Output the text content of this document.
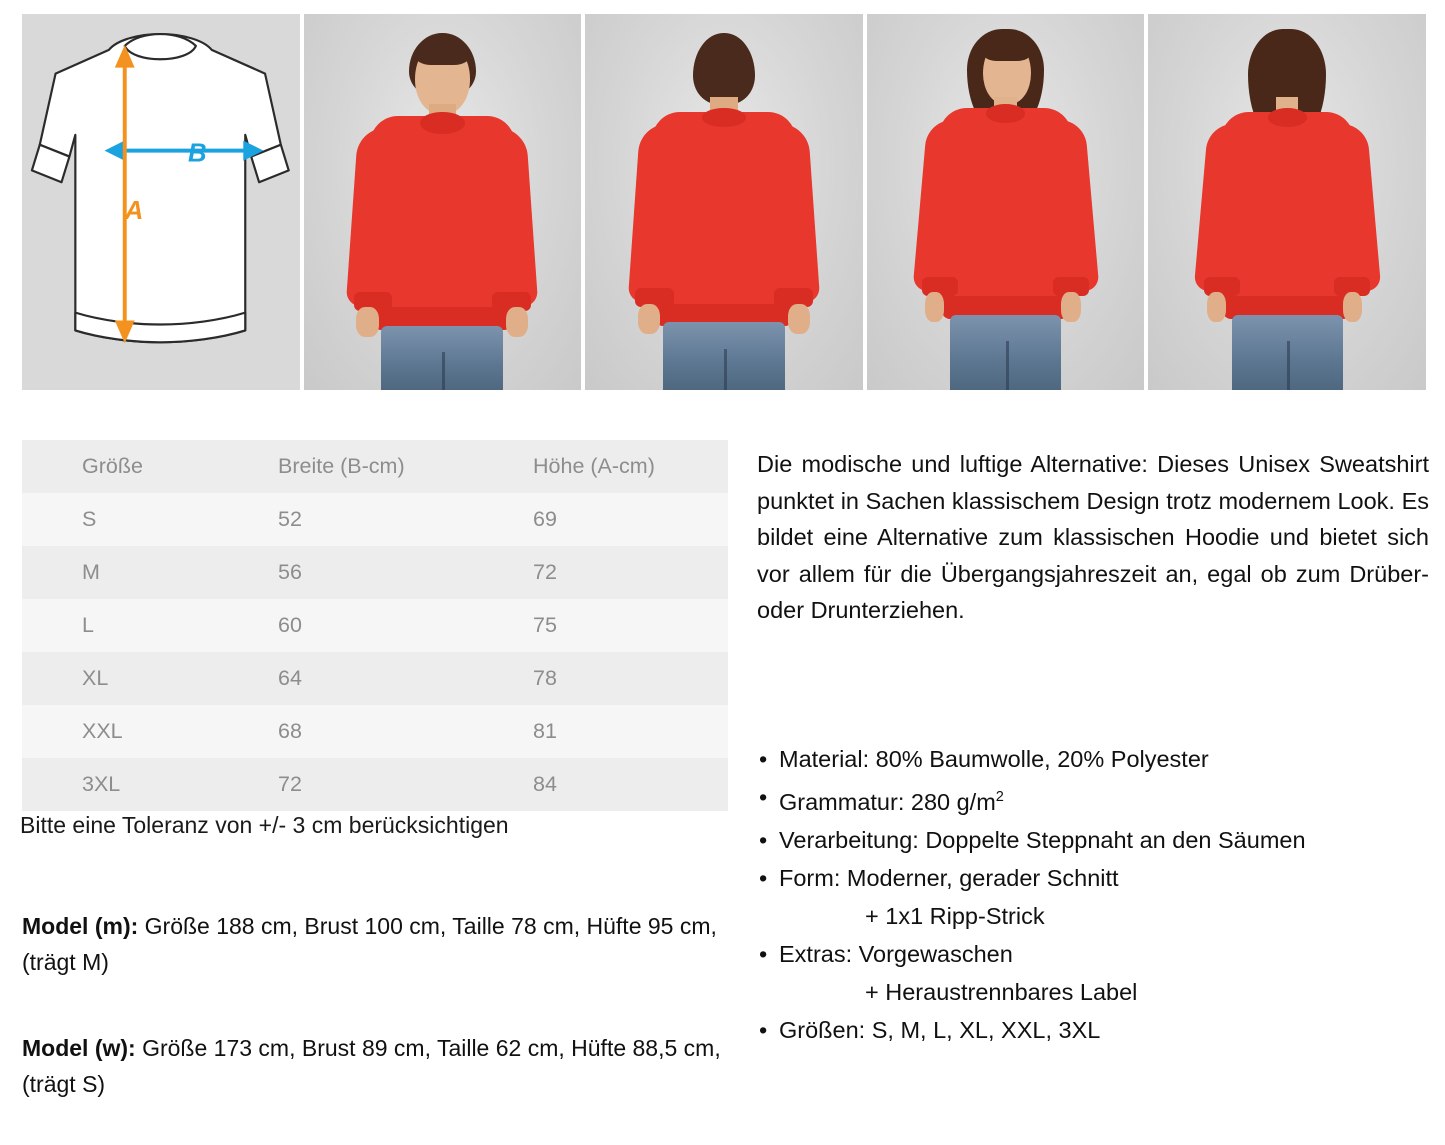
B
A
Größe	Breite (B-cm)	Höhe (A-cm)
S	52	69
M	56	72
L	60	75
XL	64	78
XXL	68	81
3XL	72	84
Bitte eine Toleranz von +/- 3 cm berücksichtigen
Model (m): Größe 188 cm, Brust 100 cm, Taille 78 cm, Hüfte 95 cm, (trägt M)
Model (w): Größe 173 cm, Brust 89 cm, Taille 62 cm, Hüfte 88,5 cm, (trägt S)
Die modische und luftige Alternative: Dieses Unisex Sweatshirt punktet in Sachen klassischem Design trotz modernem Look. Es bildet eine Alternative zum klassischen Hoodie und bietet sich vor allem für die Übergangsjahreszeit an, egal ob zum Drüber- oder Drunterziehen.
• Material: 80% Baumwolle, 20% Polyester
• Grammatur: 280 $g/m^2$
• Verarbeitung: Doppelte Steppnaht an den Säumen
• Form: Moderner, gerader Schnitt
+ 1x1 Ripp-Strick
• Extras: Vorgewaschen
+ Heraustrennbares Label
• Größen: S, M, L, XL, XXL, 3XL
